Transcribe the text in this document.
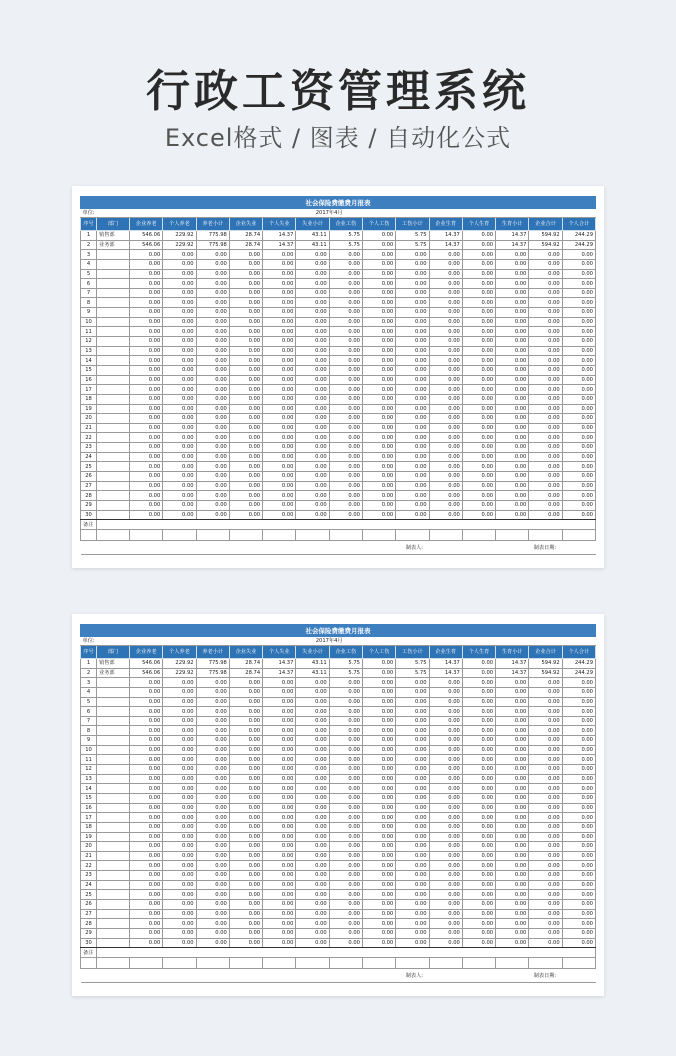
行政工资管理系统
Excel格式 / 图表 / 自动化公式
社会保险费缴费月报表															
单位:		2017年4月													
序号	部门	企业养老	个人养老	养老小计	企业失业	个人失业	失业小计	企业工伤	个人工伤	工伤小计	企业生育	个人生育	生育小计	企业合计	个人合计
1	销售部	546.06	229.92	775.98	28.74	14.37	43.11	5.75	0.00	5.75	14.37	0.00	14.37	594.92	244.29
2	业务部	546.06	229.92	775.98	28.74	14.37	43.11	5.75	0.00	5.75	14.37	0.00	14.37	594.92	244.29
3		0.00	0.00	0.00	0.00	0.00	0.00	0.00	0.00	0.00	0.00	0.00	0.00	0.00	0.00
4		0.00	0.00	0.00	0.00	0.00	0.00	0.00	0.00	0.00	0.00	0.00	0.00	0.00	0.00
5		0.00	0.00	0.00	0.00	0.00	0.00	0.00	0.00	0.00	0.00	0.00	0.00	0.00	0.00
6		0.00	0.00	0.00	0.00	0.00	0.00	0.00	0.00	0.00	0.00	0.00	0.00	0.00	0.00
7		0.00	0.00	0.00	0.00	0.00	0.00	0.00	0.00	0.00	0.00	0.00	0.00	0.00	0.00
8		0.00	0.00	0.00	0.00	0.00	0.00	0.00	0.00	0.00	0.00	0.00	0.00	0.00	0.00
9		0.00	0.00	0.00	0.00	0.00	0.00	0.00	0.00	0.00	0.00	0.00	0.00	0.00	0.00
10		0.00	0.00	0.00	0.00	0.00	0.00	0.00	0.00	0.00	0.00	0.00	0.00	0.00	0.00
11		0.00	0.00	0.00	0.00	0.00	0.00	0.00	0.00	0.00	0.00	0.00	0.00	0.00	0.00
12		0.00	0.00	0.00	0.00	0.00	0.00	0.00	0.00	0.00	0.00	0.00	0.00	0.00	0.00
13		0.00	0.00	0.00	0.00	0.00	0.00	0.00	0.00	0.00	0.00	0.00	0.00	0.00	0.00
14		0.00	0.00	0.00	0.00	0.00	0.00	0.00	0.00	0.00	0.00	0.00	0.00	0.00	0.00
15		0.00	0.00	0.00	0.00	0.00	0.00	0.00	0.00	0.00	0.00	0.00	0.00	0.00	0.00
16		0.00	0.00	0.00	0.00	0.00	0.00	0.00	0.00	0.00	0.00	0.00	0.00	0.00	0.00
17		0.00	0.00	0.00	0.00	0.00	0.00	0.00	0.00	0.00	0.00	0.00	0.00	0.00	0.00
18		0.00	0.00	0.00	0.00	0.00	0.00	0.00	0.00	0.00	0.00	0.00	0.00	0.00	0.00
19		0.00	0.00	0.00	0.00	0.00	0.00	0.00	0.00	0.00	0.00	0.00	0.00	0.00	0.00
20		0.00	0.00	0.00	0.00	0.00	0.00	0.00	0.00	0.00	0.00	0.00	0.00	0.00	0.00
21		0.00	0.00	0.00	0.00	0.00	0.00	0.00	0.00	0.00	0.00	0.00	0.00	0.00	0.00
22		0.00	0.00	0.00	0.00	0.00	0.00	0.00	0.00	0.00	0.00	0.00	0.00	0.00	0.00
23		0.00	0.00	0.00	0.00	0.00	0.00	0.00	0.00	0.00	0.00	0.00	0.00	0.00	0.00
24		0.00	0.00	0.00	0.00	0.00	0.00	0.00	0.00	0.00	0.00	0.00	0.00	0.00	0.00
25		0.00	0.00	0.00	0.00	0.00	0.00	0.00	0.00	0.00	0.00	0.00	0.00	0.00	0.00
26		0.00	0.00	0.00	0.00	0.00	0.00	0.00	0.00	0.00	0.00	0.00	0.00	0.00	0.00
27		0.00	0.00	0.00	0.00	0.00	0.00	0.00	0.00	0.00	0.00	0.00	0.00	0.00	0.00
28		0.00	0.00	0.00	0.00	0.00	0.00	0.00	0.00	0.00	0.00	0.00	0.00	0.00	0.00
29		0.00	0.00	0.00	0.00	0.00	0.00	0.00	0.00	0.00	0.00	0.00	0.00	0.00	0.00
30		0.00	0.00	0.00	0.00	0.00	0.00	0.00	0.00	0.00	0.00	0.00	0.00	0.00	0.00
备注															

									制表人:				制表日期:		
社会保险费缴费月报表															
单位:		2017年4月													
序号	部门	企业养老	个人养老	养老小计	企业失业	个人失业	失业小计	企业工伤	个人工伤	工伤小计	企业生育	个人生育	生育小计	企业合计	个人合计
1	销售部	546.06	229.92	775.98	28.74	14.37	43.11	5.75	0.00	5.75	14.37	0.00	14.37	594.92	244.29
2	业务部	546.06	229.92	775.98	28.74	14.37	43.11	5.75	0.00	5.75	14.37	0.00	14.37	594.92	244.29
3		0.00	0.00	0.00	0.00	0.00	0.00	0.00	0.00	0.00	0.00	0.00	0.00	0.00	0.00
4		0.00	0.00	0.00	0.00	0.00	0.00	0.00	0.00	0.00	0.00	0.00	0.00	0.00	0.00
5		0.00	0.00	0.00	0.00	0.00	0.00	0.00	0.00	0.00	0.00	0.00	0.00	0.00	0.00
6		0.00	0.00	0.00	0.00	0.00	0.00	0.00	0.00	0.00	0.00	0.00	0.00	0.00	0.00
7		0.00	0.00	0.00	0.00	0.00	0.00	0.00	0.00	0.00	0.00	0.00	0.00	0.00	0.00
8		0.00	0.00	0.00	0.00	0.00	0.00	0.00	0.00	0.00	0.00	0.00	0.00	0.00	0.00
9		0.00	0.00	0.00	0.00	0.00	0.00	0.00	0.00	0.00	0.00	0.00	0.00	0.00	0.00
10		0.00	0.00	0.00	0.00	0.00	0.00	0.00	0.00	0.00	0.00	0.00	0.00	0.00	0.00
11		0.00	0.00	0.00	0.00	0.00	0.00	0.00	0.00	0.00	0.00	0.00	0.00	0.00	0.00
12		0.00	0.00	0.00	0.00	0.00	0.00	0.00	0.00	0.00	0.00	0.00	0.00	0.00	0.00
13		0.00	0.00	0.00	0.00	0.00	0.00	0.00	0.00	0.00	0.00	0.00	0.00	0.00	0.00
14		0.00	0.00	0.00	0.00	0.00	0.00	0.00	0.00	0.00	0.00	0.00	0.00	0.00	0.00
15		0.00	0.00	0.00	0.00	0.00	0.00	0.00	0.00	0.00	0.00	0.00	0.00	0.00	0.00
16		0.00	0.00	0.00	0.00	0.00	0.00	0.00	0.00	0.00	0.00	0.00	0.00	0.00	0.00
17		0.00	0.00	0.00	0.00	0.00	0.00	0.00	0.00	0.00	0.00	0.00	0.00	0.00	0.00
18		0.00	0.00	0.00	0.00	0.00	0.00	0.00	0.00	0.00	0.00	0.00	0.00	0.00	0.00
19		0.00	0.00	0.00	0.00	0.00	0.00	0.00	0.00	0.00	0.00	0.00	0.00	0.00	0.00
20		0.00	0.00	0.00	0.00	0.00	0.00	0.00	0.00	0.00	0.00	0.00	0.00	0.00	0.00
21		0.00	0.00	0.00	0.00	0.00	0.00	0.00	0.00	0.00	0.00	0.00	0.00	0.00	0.00
22		0.00	0.00	0.00	0.00	0.00	0.00	0.00	0.00	0.00	0.00	0.00	0.00	0.00	0.00
23		0.00	0.00	0.00	0.00	0.00	0.00	0.00	0.00	0.00	0.00	0.00	0.00	0.00	0.00
24		0.00	0.00	0.00	0.00	0.00	0.00	0.00	0.00	0.00	0.00	0.00	0.00	0.00	0.00
25		0.00	0.00	0.00	0.00	0.00	0.00	0.00	0.00	0.00	0.00	0.00	0.00	0.00	0.00
26		0.00	0.00	0.00	0.00	0.00	0.00	0.00	0.00	0.00	0.00	0.00	0.00	0.00	0.00
27		0.00	0.00	0.00	0.00	0.00	0.00	0.00	0.00	0.00	0.00	0.00	0.00	0.00	0.00
28		0.00	0.00	0.00	0.00	0.00	0.00	0.00	0.00	0.00	0.00	0.00	0.00	0.00	0.00
29		0.00	0.00	0.00	0.00	0.00	0.00	0.00	0.00	0.00	0.00	0.00	0.00	0.00	0.00
30		0.00	0.00	0.00	0.00	0.00	0.00	0.00	0.00	0.00	0.00	0.00	0.00	0.00	0.00
备注															

									制表人:				制表日期:		
